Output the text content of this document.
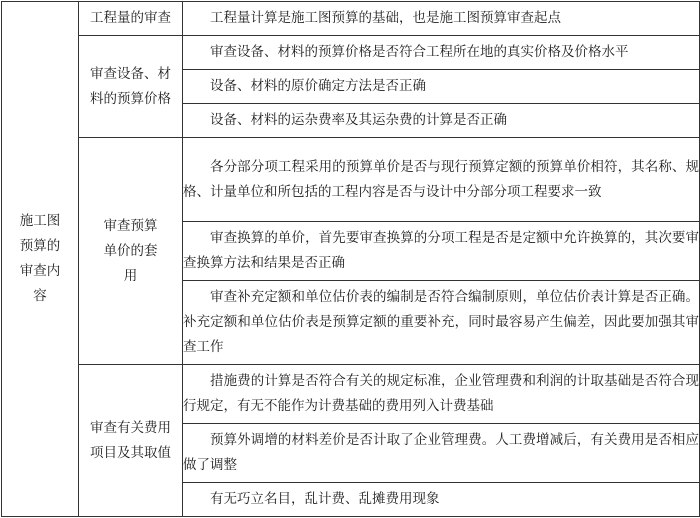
施工图预算的审查内容	工程量的审查	工程量计算是施工图预算的基础，也是施工图预算审查起点

	审查设备、材料的预算价格	审查设备、材料的预算价格是否符合工程所在地的真实价格及价格水平

		设备、材料的原价确定方法是否正确

		设备、材料的运杂费率及其运杂费的计算是否正确

	审查预算单价的套用	各分部分项工程采用的预算单价是否与现行预算定额的预算单价相符，其名称、规格、计量单位和所包括的工程内容是否与设计中分部分项工程要求一致

		审查换算的单价，首先要审查换算的分项工程是否是定额中允许换算的，其次要审查换算方法和结果是否正确

		审查补充定额和单位估价表的编制是否符合编制原则，单位估价表计算是否正确。补充定额和单位估价表是预算定额的重要补充，同时最容易产生偏差，因此要加强其审查工作

	审查有关费用项目及其取值	措施费的计算是否符合有关的规定标准，企业管理费和利润的计取基础是否符合现行规定，有无不能作为计费基础的费用列入计费基础

		预算外调增的材料差价是否计取了企业管理费。人工费增减后，有关费用是否相应做了调整

		有无巧立名目，乱计费、乱摊费用现象
